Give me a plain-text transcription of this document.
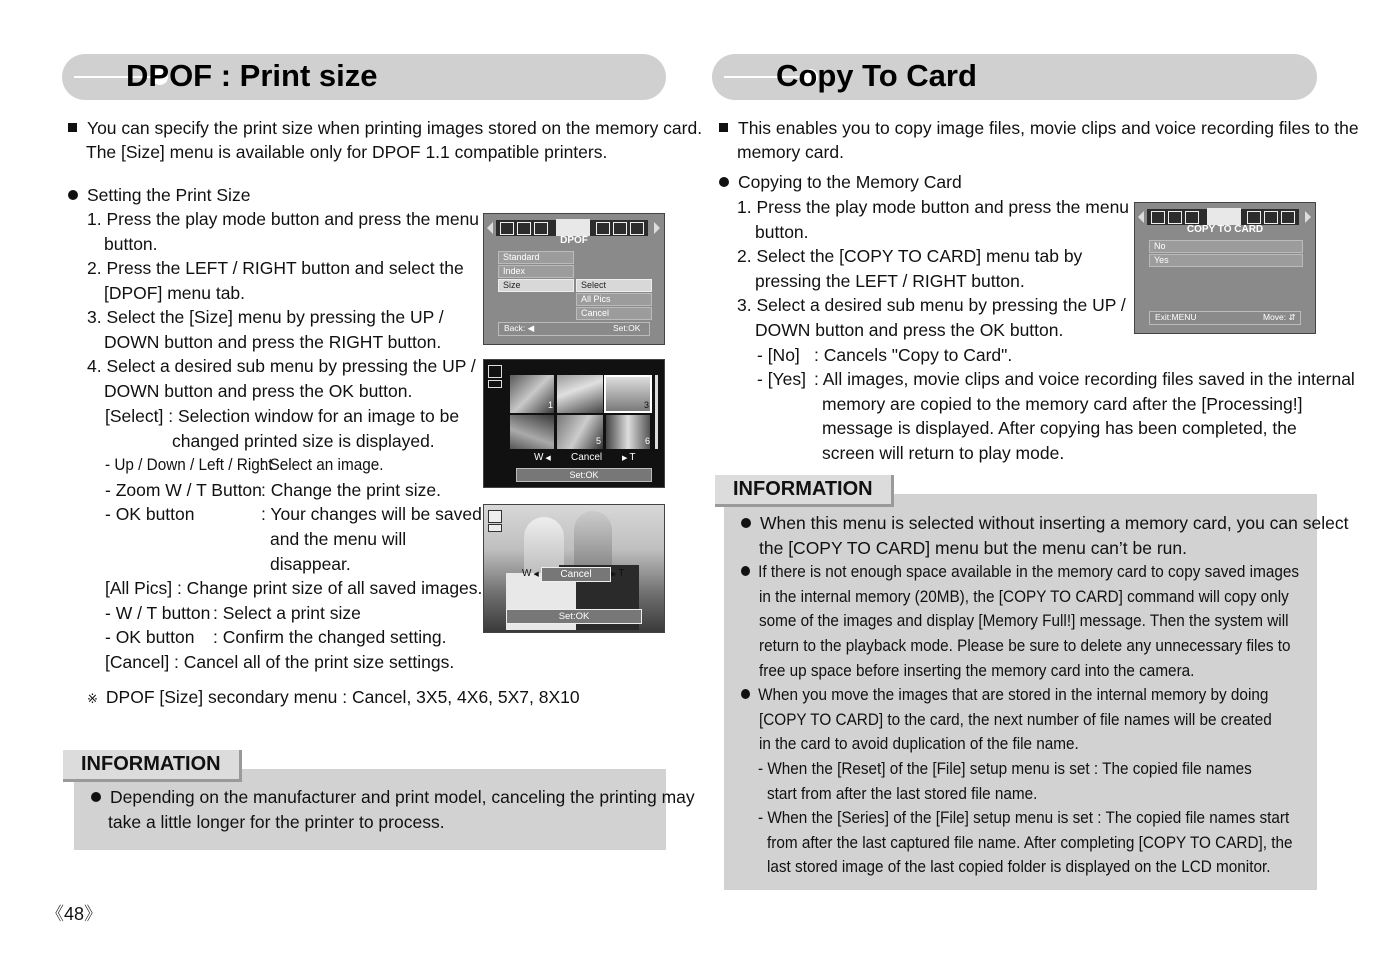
DPOF : Print size
You can specify the print size when printing images stored on the memory card.
The [Size] menu is available only for DPOF 1.1 compatible printers.
Setting the Print Size
1. Press the play mode button and press the menu
button.
2. Press the LEFT / RIGHT button and select the
[DPOF] menu tab.
3. Select the [Size] menu by pressing the UP /
DOWN button and press the RIGHT button.
4. Select a desired sub menu by pressing the UP /
DOWN button and press the OK button.
[Select] : Selection window for an image to be
changed printed size is displayed.
- Up / Down / Left / Right
: Select an image.
- Zoom W / T Button : Change the print size.
- OK button	: Your changes will be saved
and the menu will
disappear.
[All Pics] : Change print size of all saved images.
- W / T button : Select a print size
- OK button : Confirm the changed setting.
[Cancel] : Cancel all of the print size settings.
※ DPOF [Size] secondary menu : Cancel, 3X5, 4X6, 5X7, 8X10
INFORMATION
Depending on the manufacturer and print model, canceling the printing may
take a little longer for the printer to process.
DPOF
Standard
Index
Size	Select
All Pics
Cancel
Back: ◀	Set:OK
1	3
5	6
W ◀ Cancel	▶ T
Set:OK
W ◀	Cancel	▶ T
Set:OK
Copy To Card
This enables you to copy image files, movie clips and voice recording files to the
memory card.
Copying to the Memory Card
1. Press the play mode button and press the menu
button.
2. Select the [COPY TO CARD] menu tab by
pressing the LEFT / RIGHT button.
3. Select a desired sub menu by pressing the UP /
DOWN button and press the OK button.
- [No] : Cancels "Copy to Card".
- [Yes] : All images, movie clips and voice recording files saved in the internal
memory are copied to the memory card after the [Processing!]
message is displayed. After copying has been completed, the
screen will return to play mode.
COPY TO CARD
No
Yes
Exit:MENU	Move: ⇵
INFORMATION
When this menu is selected without inserting a memory card, you can select
the [COPY TO CARD] menu but the menu can’t be run.
If there is not enough space available in the memory card to copy saved images
in the internal memory (20MB), the [COPY TO CARD] command will copy only
some of the images and display [Memory Full!] message. Then the system will
return to the playback mode. Please be sure to delete any unnecessary files to
free up space before inserting the memory card into the camera.
When you move the images that are stored in the internal memory by doing
[COPY TO CARD] to the card, the next number of file names will be created
in the card to avoid duplication of the file name.
- When the [Reset] of the [File] setup menu is set : The copied file names
start from after the last stored file name.
- When the [Series] of the [File] setup menu is set : The copied file names start
from after the last captured file name. After completing [COPY TO CARD], the
last stored image of the last copied folder is displayed on the LCD monitor.
《48》
